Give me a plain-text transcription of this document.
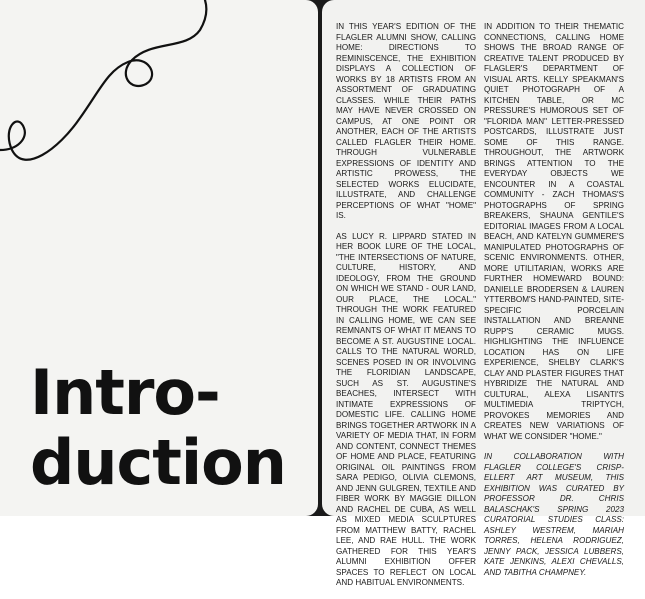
Intro-
duction

IN THIS YEAR'S EDITION OF THE FLAGLER ALUMNI SHOW, CALLING HOME: DIRECTIONS TO REMINISCENCE, THE EXHIBITION DISPLAYS A COLLECTION OF WORKS BY 18 ARTISTS FROM AN ASSORTMENT OF GRADUATING CLASSES. WHILE THEIR PATHS MAY HAVE NEVER CROSSED ON CAMPUS, AT ONE POINT OR ANOTHER, EACH OF THE ARTISTS CALLED FLAGLER THEIR HOME. THROUGH VULNERABLE EXPRESSIONS OF IDENTITY AND ARTISTIC PROWESS, THE SELECTED WORKS ELUCIDATE, ILLUSTRATE, AND CHALLENGE PERCEPTIONS OF WHAT "HOME" IS.

AS LUCY R. LIPPARD STATED IN HER BOOK LURE OF THE LOCAL, "THE INTERSECTIONS OF NATURE, CULTURE, HISTORY, AND IDEOLOGY, FROM THE GROUND ON WHICH WE STAND - OUR LAND, OUR PLACE, THE LOCAL." THROUGH THE WORK FEATURED IN CALLING HOME, WE CAN SEE REMNANTS OF WHAT IT MEANS TO BECOME A ST. AUGUSTINE LOCAL. CALLS TO THE NATURAL WORLD, SCENES POSED IN OR INVOLVING THE FLORIDIAN LANDSCAPE, SUCH AS ST. AUGUSTINE'S BEACHES, INTERSECT WITH INTIMATE EXPRESSIONS OF DOMESTIC LIFE. CALLING HOME BRINGS TOGETHER ARTWORK IN A VARIETY OF MEDIA THAT, IN FORM AND CONTENT, CONNECT THEMES OF HOME AND PLACE, FEATURING ORIGINAL OIL PAINTINGS FROM SARA PEDIGO, OLIVIA CLEMONS, AND JENN GULGREN, TEXTILE AND FIBER WORK BY MAGGIE DILLON AND RACHEL DE CUBA, AS WELL AS MIXED MEDIA SCULPTURES FROM MATTHEW BATTY, RACHEL LEE, AND RAE HULL. THE WORK GATHERED FOR THIS YEAR'S ALUMNI EXHIBITION OFFER SPACES TO REFLECT ON LOCAL AND HABITUAL ENVIRONMENTS.

IN ADDITION TO THEIR THEMATIC CONNECTIONS, CALLING HOME SHOWS THE BROAD RANGE OF CREATIVE TALENT PRODUCED BY FLAGLER'S DEPARTMENT OF VISUAL ARTS. KELLY SPEAKMAN'S QUIET PHOTOGRAPH OF A KITCHEN TABLE, OR MC PRESSURE'S HUMOROUS SET OF "FLORIDA MAN" LETTER-PRESSED POSTCARDS, ILLUSTRATE JUST SOME OF THIS RANGE. THROUGHOUT, THE ARTWORK BRINGS ATTENTION TO THE EVERYDAY OBJECTS WE ENCOUNTER IN A COASTAL COMMUNITY - ZACH THOMAS'S PHOTOGRAPHS OF SPRING BREAKERS, SHAUNA GENTILE'S EDITORIAL IMAGES FROM A LOCAL BEACH, AND KATELYN GUMMERE'S MANIPULATED PHOTOGRAPHS OF SCENIC ENVIRONMENTS. OTHER, MORE UTILITARIAN, WORKS ARE FURTHER HOMEWARD BOUND: DANIELLE BRODERSEN & LAUREN YTTERBOM'S HAND-PAINTED, SITE-SPECIFIC PORCELAIN INSTALLATION AND BREANNE RUPP'S CERAMIC MUGS. HIGHLIGHTING THE INFLUENCE LOCATION HAS ON LIFE EXPERIENCE, SHELBY CLARK'S CLAY AND PLASTER FIGURES THAT HYBRIDIZE THE NATURAL AND CULTURAL, ALEXA LISANTI'S MULTIMEDIA TRIPTYCH, PROVOKES MEMORIES AND CREATES NEW VARIATIONS OF WHAT WE CONSIDER "HOME."

IN COLLABORATION WITH FLAGLER COLLEGE'S CRISP-ELLERT ART MUSEUM, THIS EXHIBITION WAS CURATED BY PROFESSOR DR. CHRIS BALASCHAK'S SPRING 2023 CURATORIAL STUDIES CLASS: ASHLEY WESTREM, MARIAH TORRES, HELENA RODRIGUEZ, JENNY PACK, JESSICA LUBBERS, KATE JENKINS, ALEXI CHEVALLS, AND TABITHA CHAMPNEY.
